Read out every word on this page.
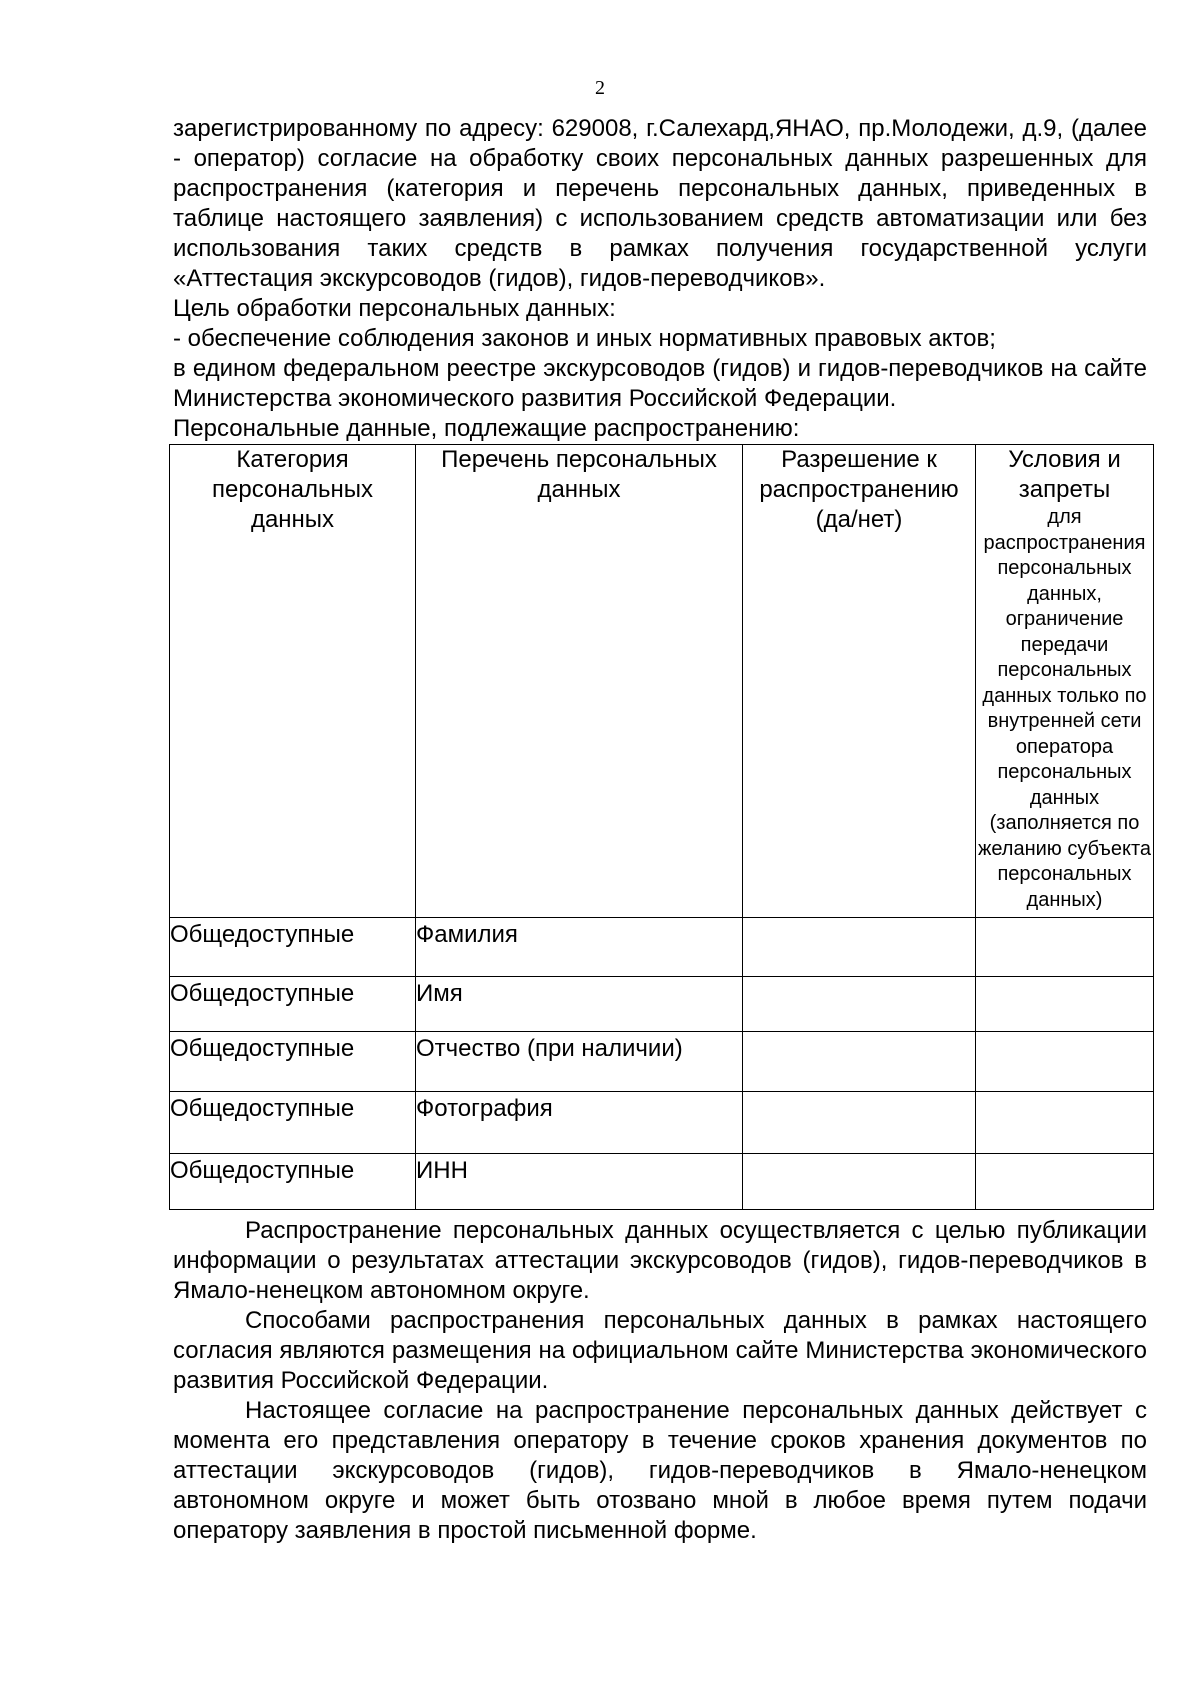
2

зарегистрированному по адресу: 629008, г.Салехард,ЯНАО, пр.Молодежи, д.9, (далее - оператор) согласие на обработку своих персональных данных разрешенных для распространения (категория и перечень персональных данных, приведенных в таблице настоящего заявления) с использованием средств автоматизации или без использования таких средств в рамках получения государственной услуги «Аттестация экскурсоводов (гидов), гидов-переводчиков».

Цель обработки персональных данных:

- обеспечение соблюдения законов и иных нормативных правовых актов;

в едином федеральном реестре экскурсоводов (гидов) и гидов-переводчиков на сайте Министерства экономического развития Российской Федерации.

Персональные данные, подлежащие распространению:

Категория персональных данных	Перечень персональных данных	Разрешение к распространению (да/нет)	Условия и запреты
для распространения персональных данных, ограничение передачи персональных данных только по внутренней сети оператора персональных данных (заполняется по желанию субъекта персональных данных)

Общедоступные	Фамилия		
Общедоступные	Имя		
Общедоступные	Отчество (при наличии)		
Общедоступные	Фотография		
Общедоступные	ИНН		

Распространение персональных данных осуществляется с целью публикации информации о результатах аттестации экскурсоводов (гидов), гидов-переводчиков в Ямало-ненецком автономном округе.

Способами распространения персональных данных в рамках настоящего согласия являются размещения на официальном сайте Министерства экономического развития Российской Федерации.

Настоящее согласие на распространение персональных данных действует с момента его представления оператору в течение сроков хранения документов по аттестации экскурсоводов (гидов), гидов-переводчиков в Ямало-ненецком автономном округе и может быть отозвано мной в любое время путем подачи оператору заявления в простой письменной форме.
